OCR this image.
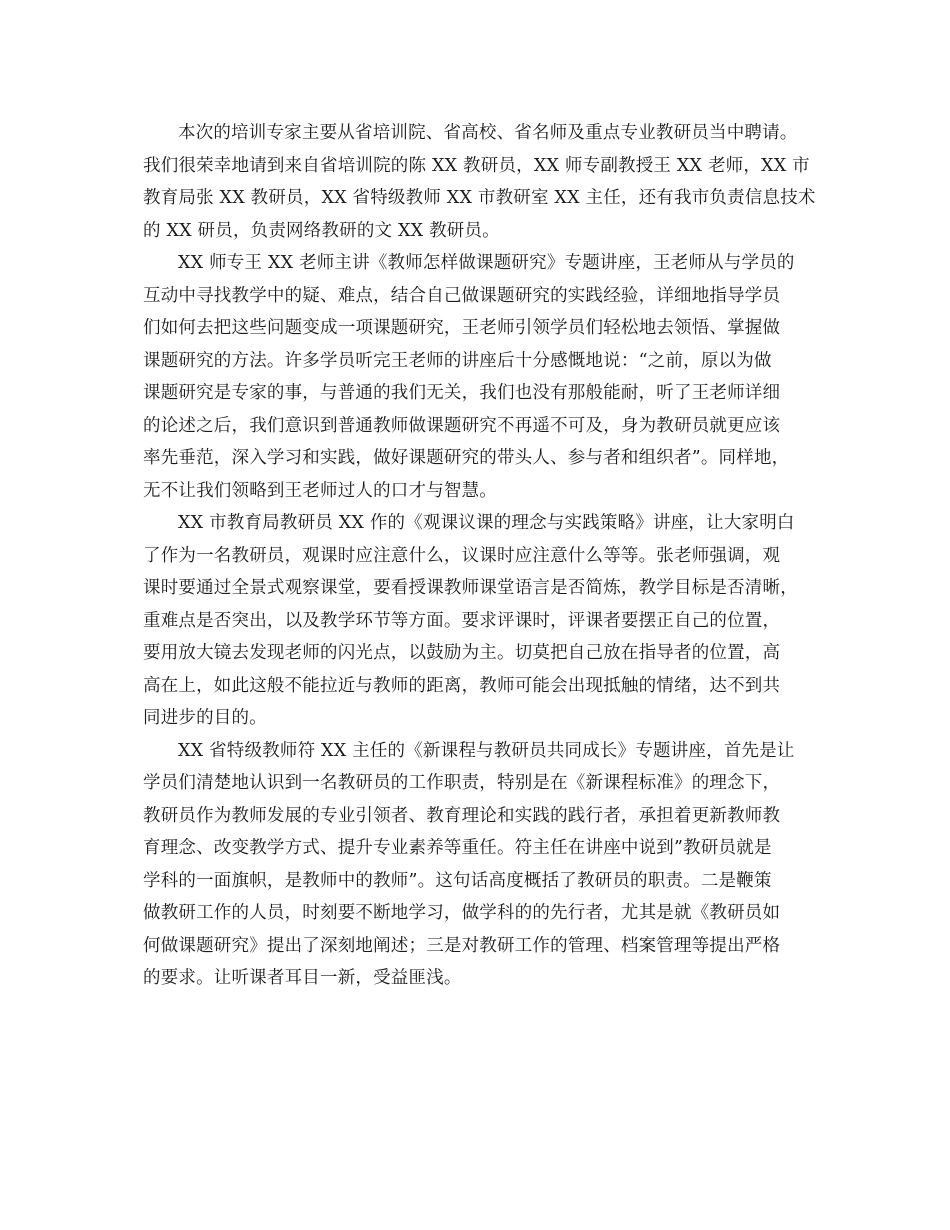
本次的培训专家主要从省培训院、省高校、省名师及重点专业教研员当中聘请。
我们很荣幸地请到来自省培训院的陈 XX 教研员，XX 师专副教授王 XX 老师，XX 市
教育局张 XX 教研员，XX 省特级教师 XX 市教研室 XX 主任，还有我市负责信息技术
的 XX 研员，负责网络教研的文 XX 教研员。
XX 师专王 XX 老师主讲《教师怎样做课题研究》专题讲座，王老师从与学员的
互动中寻找教学中的疑、难点，结合自己做课题研究的实践经验，详细地指导学员
们如何去把这些问题变成一项课题研究，王老师引领学员们轻松地去领悟、掌握做
课题研究的方法。许多学员听完王老师的讲座后十分感慨地说：“之前，原以为做
课题研究是专家的事，与普通的我们无关，我们也没有那般能耐，听了王老师详细
的论述之后，我们意识到普通教师做课题研究不再遥不可及，身为教研员就更应该
率先垂范，深入学习和实践，做好课题研究的带头人、参与者和组织者”。同样地，
无不让我们领略到王老师过人的口才与智慧。
XX 市教育局教研员 XX 作的《观课议课的理念与实践策略》讲座，让大家明白
了作为一名教研员，观课时应注意什么，议课时应注意什么等等。张老师强调，观
课时要通过全景式观察课堂，要看授课教师课堂语言是否简炼，教学目标是否清晰，
重难点是否突出，以及教学环节等方面。要求评课时，评课者要摆正自己的位置，
要用放大镜去发现老师的闪光点，以鼓励为主。切莫把自己放在指导者的位置，高
高在上，如此这般不能拉近与教师的距离，教师可能会出现抵触的情绪，达不到共
同进步的目的。
XX 省特级教师符 XX 主任的《新课程与教研员共同成长》专题讲座，首先是让
学员们清楚地认识到一名教研员的工作职责，特别是在《新课程标准》的理念下，
教研员作为教师发展的专业引领者、教育理论和实践的践行者，承担着更新教师教
育理念、改变教学方式、提升专业素养等重任。符主任在讲座中说到”教研员就是
学科的一面旗帜，是教师中的教师”。这句话高度概括了教研员的职责。二是鞭策
做教研工作的人员，时刻要不断地学习，做学科的的先行者，尤其是就《教研员如
何做课题研究》提出了深刻地阐述；三是对教研工作的管理、档案管理等提出严格
的要求。让听课者耳目一新，受益匪浅。
